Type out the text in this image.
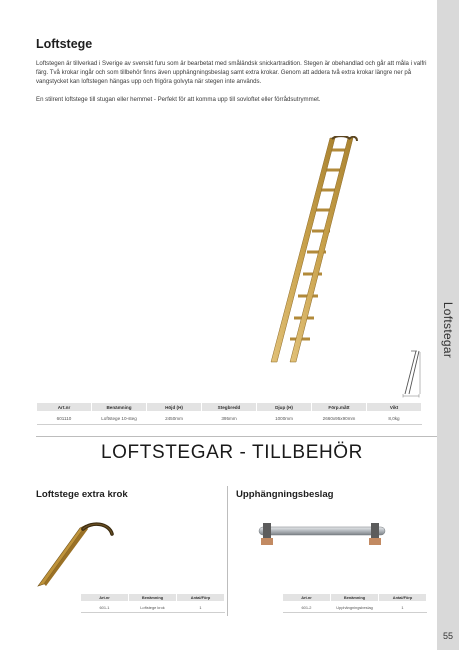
Loftstegar
55
Loftstege

Loftstegen är tillverkad i Sverige av svenskt furu som är bearbetat med småländsk snickartradition. Stegen är obehandlad och går att måla i valfri färg. Två krokar ingår och som tillbehör finns även upphängningsbeslag samt extra krokar. Genom att addera två extra krokar längre ner på vangstycket kan loftstegen hängas upp och frigöra golvyta när stegen inte används.

En stilrent loftstege till stugan eller hemmet - Perfekt för att komma upp till sovloftet eller förrådsutrymmet.

Art.nr	Benämning	Höjd (H)	Stegbredd	Djup (H)	Förp.mått	Vikt
601110	Loftstege 10-steg	2450mm	395mm	1000mm	2660x95x90mm	8,0kg
LOFTSTEGAR - TILLBEHÖR
Loftstege extra krok	Upphängningsbeslag
Art.nr	Benämning	Antal/Förp
601-1	Loftstege krok	1
Art.nr	Benämning	Antal/Förp
601-2	Upphängningsbeslag	1
